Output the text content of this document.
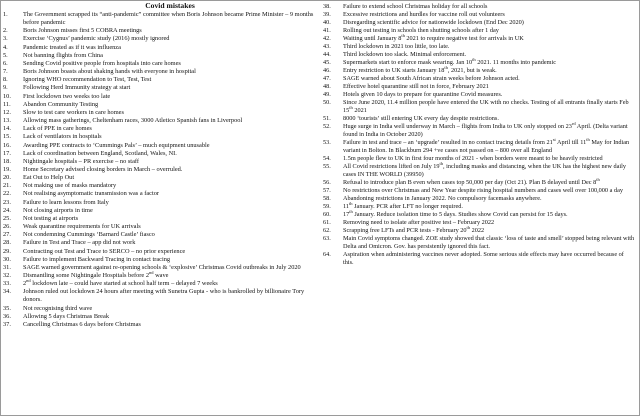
Covid mistakes
1.	The Government scrapped its “anti-pandemic” committee when Boris Johnson became Prime Minister – 9 months before pandemic
2.	Boris Johnson misses first 5 COBRA meetings
3.	Exercise ‘Cygnus’ pandemic study (2016) mostly ignored
4.	Pandemic treated as if it was influenza
5.	Not banning flights from China
6.	Sending Covid positive people from hospitals into care homes
7.	Boris Johnson boasts about shaking hands with everyone in hospital
8.	Ignoring WHO recommendation to Test, Test, Test
9.	Following Herd Immunity strategy at start
10.	First lockdown two weeks too late
11.	Abandon Community Testing
12.	Slow to test care workers in care homes
13.	Allowing mass gatherings, Cheltenham races, 3000 Atletico Spanish fans in Liverpool
14.	Lack of PPE in care homes
15.	Lack of ventilators in hospitals
16.	Awarding PPE contracts to ‘Cummings Pals’ – much equipment unusable
17.	Lack of coordination between England, Scotland, Wales, NI.
18.	Nightingale hospitals – PR exercise – no staff
19.	Home Secretary advised closing borders in March – overruled.
20.	Eat Out to Help Out
21.	Not making use of masks mandatory
22.	Not realising asymptomatic transmission was a factor
23.	Failure to learn lessons from Italy
24.	Not closing airports in time
25.	Not testing at airports
26.	Weak quarantine requirements for UK arrivals
27.	Not condemning Cummings ‘Barnard Castle’ fiasco
28.	Failure in Test and Trace – app did not work
29.	Contracting out Test and Trace to SERCO – no prior experience
30.	Failure to implement Backward Tracing in contact tracing
31.	SAGE warned government against re-opening schools & ‘explosive’ Christmas Covid outbreaks in July 2020
32.	Dismantling some Nightingale Hospitals before 2nd wave
33.	2nd lockdown late – could have started at school half term – delayed 7 weeks
34.	Johnson ruled out lockdown 24 hours after meeting with Sunetra Gupta - who is bankrolled by billionaire Tory donors.
35.	Not recognising third wave
36.	Allowing 5 days Christmas Break
37.	Cancelling Christmas 6 days before Christmas
38.	Failure to extend school Christmas holiday for all schools
39.	Excessive restrictions and hurdles for vaccine roll out volunteers
40.	Disregarding scientific advice for nationwide lockdown (End Dec 2020)
41.	Rolling out testing in schools then shutting schools after 1 day
42.	Waiting until January 8th 2021 to require negative test for arrivals in UK
43.	Third lockdown in 2021 too little, too late.
44.	Third lockdown too slack. Minimal enforcement.
45.	Supermarkets start to enforce mask wearing. Jan 10th 2021. 11 months into pandemic
46.	Entry restriction to UK starts January 18th, 2021, but is weak.
47.	SAGE warned about South African strain weeks before Johnson acted.
48.	Effective hotel quarantine still not in force, February 2021
49.	Hotels given 10 days to prepare for quarantine Covid measures.
50.	Since June 2020, 11.4 million people have entered the UK with no checks. Testing of all entrants finally starts Feb 15th 2021
51.	8000 ‘tourists’ still entering UK every day despite restrictions.
52.	Huge surge in India well underway in March – flights from India to UK only stopped on 23rd April. (Delta variant found in India in October 2020)
53.	Failure in test and trace – an ‘upgrade’ resulted in no contact tracing details from 21st April till 11th May for Indian variant in Bolton. In Blackburn 294 +ve cases not passed on – 800 over all England
54.	1.5m people flew to UK in first four months of 2021 - when borders were meant to be heavily restricted
55.	All Covid restrictions lifted on July 19th, including masks and distancing, when the UK has the highest new daily cases IN THE WORLD (39950)
56.	Refusal to introduce plan B even when cases top 50,000 per day (Oct 21). Plan B delayed until Dec 8th
57.	No restrictions over Christmas and New Year despite rising hospital numbers and cases well over 100,000 a day
58.	Abandoning restrictions in January 2022. No compulsory facemasks anywhere.
59.	11th January. PCR after LFT no longer required.
60.	17th January. Reduce isolation time to 5 days. Studies show Covid can persist for 15 days.
61.	Removing need to isolate after positive test – February 2022
62.	Scrapping free LFTs and PCR tests - February 20th 2022
63.	Main Covid symptoms changed. ZOE study showed that classic ‘loss of taste and smell’ stopped being relevant with Delta and Omicron. Gov. has persistently ignored this fact.
64.	Aspiration when administering vaccines never adopted. Some serious side effects may have occurred because of this.
